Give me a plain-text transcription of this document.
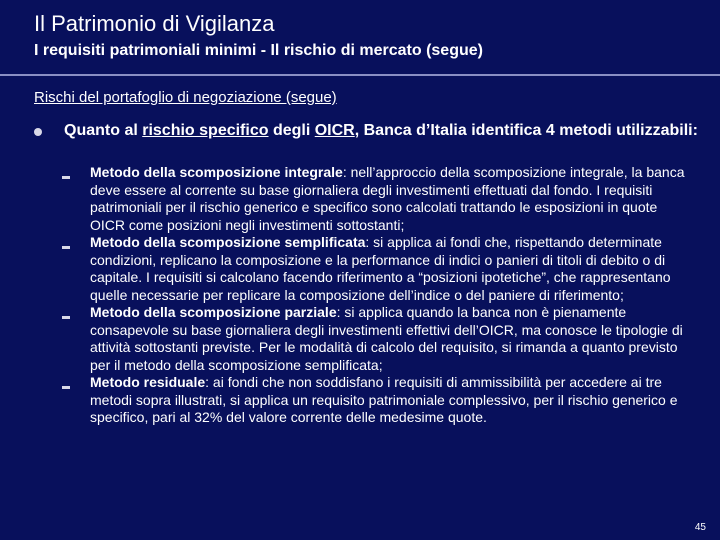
Il Patrimonio di Vigilanza
I requisiti patrimoniali minimi - Il rischio di mercato (segue)
Rischi del portafoglio di negoziazione (segue)
Quanto al rischio specifico degli OICR, Banca d’Italia identifica 4 metodi utilizzabili:
Metodo della scomposizione integrale: nell’approccio della scomposizione integrale, la banca deve essere al corrente su base giornaliera degli investimenti effettuati dal fondo. I requisiti patrimoniali per il rischio generico e specifico sono calcolati trattando le esposizioni in quote OICR come posizioni negli investimenti sottostanti;
Metodo della scomposizione semplificata: si applica ai fondi che, rispettando determinate condizioni, replicano la composizione e la performance di indici o panieri di titoli di debito o di capitale. I requisiti si calcolano facendo riferimento a “posizioni ipotetiche”, che rappresentano quelle necessarie per replicare la composizione dell’indice o del paniere di riferimento;
Metodo della scomposizione parziale: si applica quando la banca non è pienamente consapevole su base giornaliera degli investimenti effettivi dell’OICR, ma conosce le tipologie di attività sottostanti previste. Per le modalità di calcolo del requisito, si rimanda a quanto previsto per il metodo della scomposizione semplificata;
Metodo residuale: ai fondi che non soddisfano i requisiti di ammissibilità per accedere ai tre metodi sopra illustrati, si applica un requisito patrimoniale complessivo, per il rischio generico e specifico, pari al 32% del valore corrente delle medesime quote.
45
